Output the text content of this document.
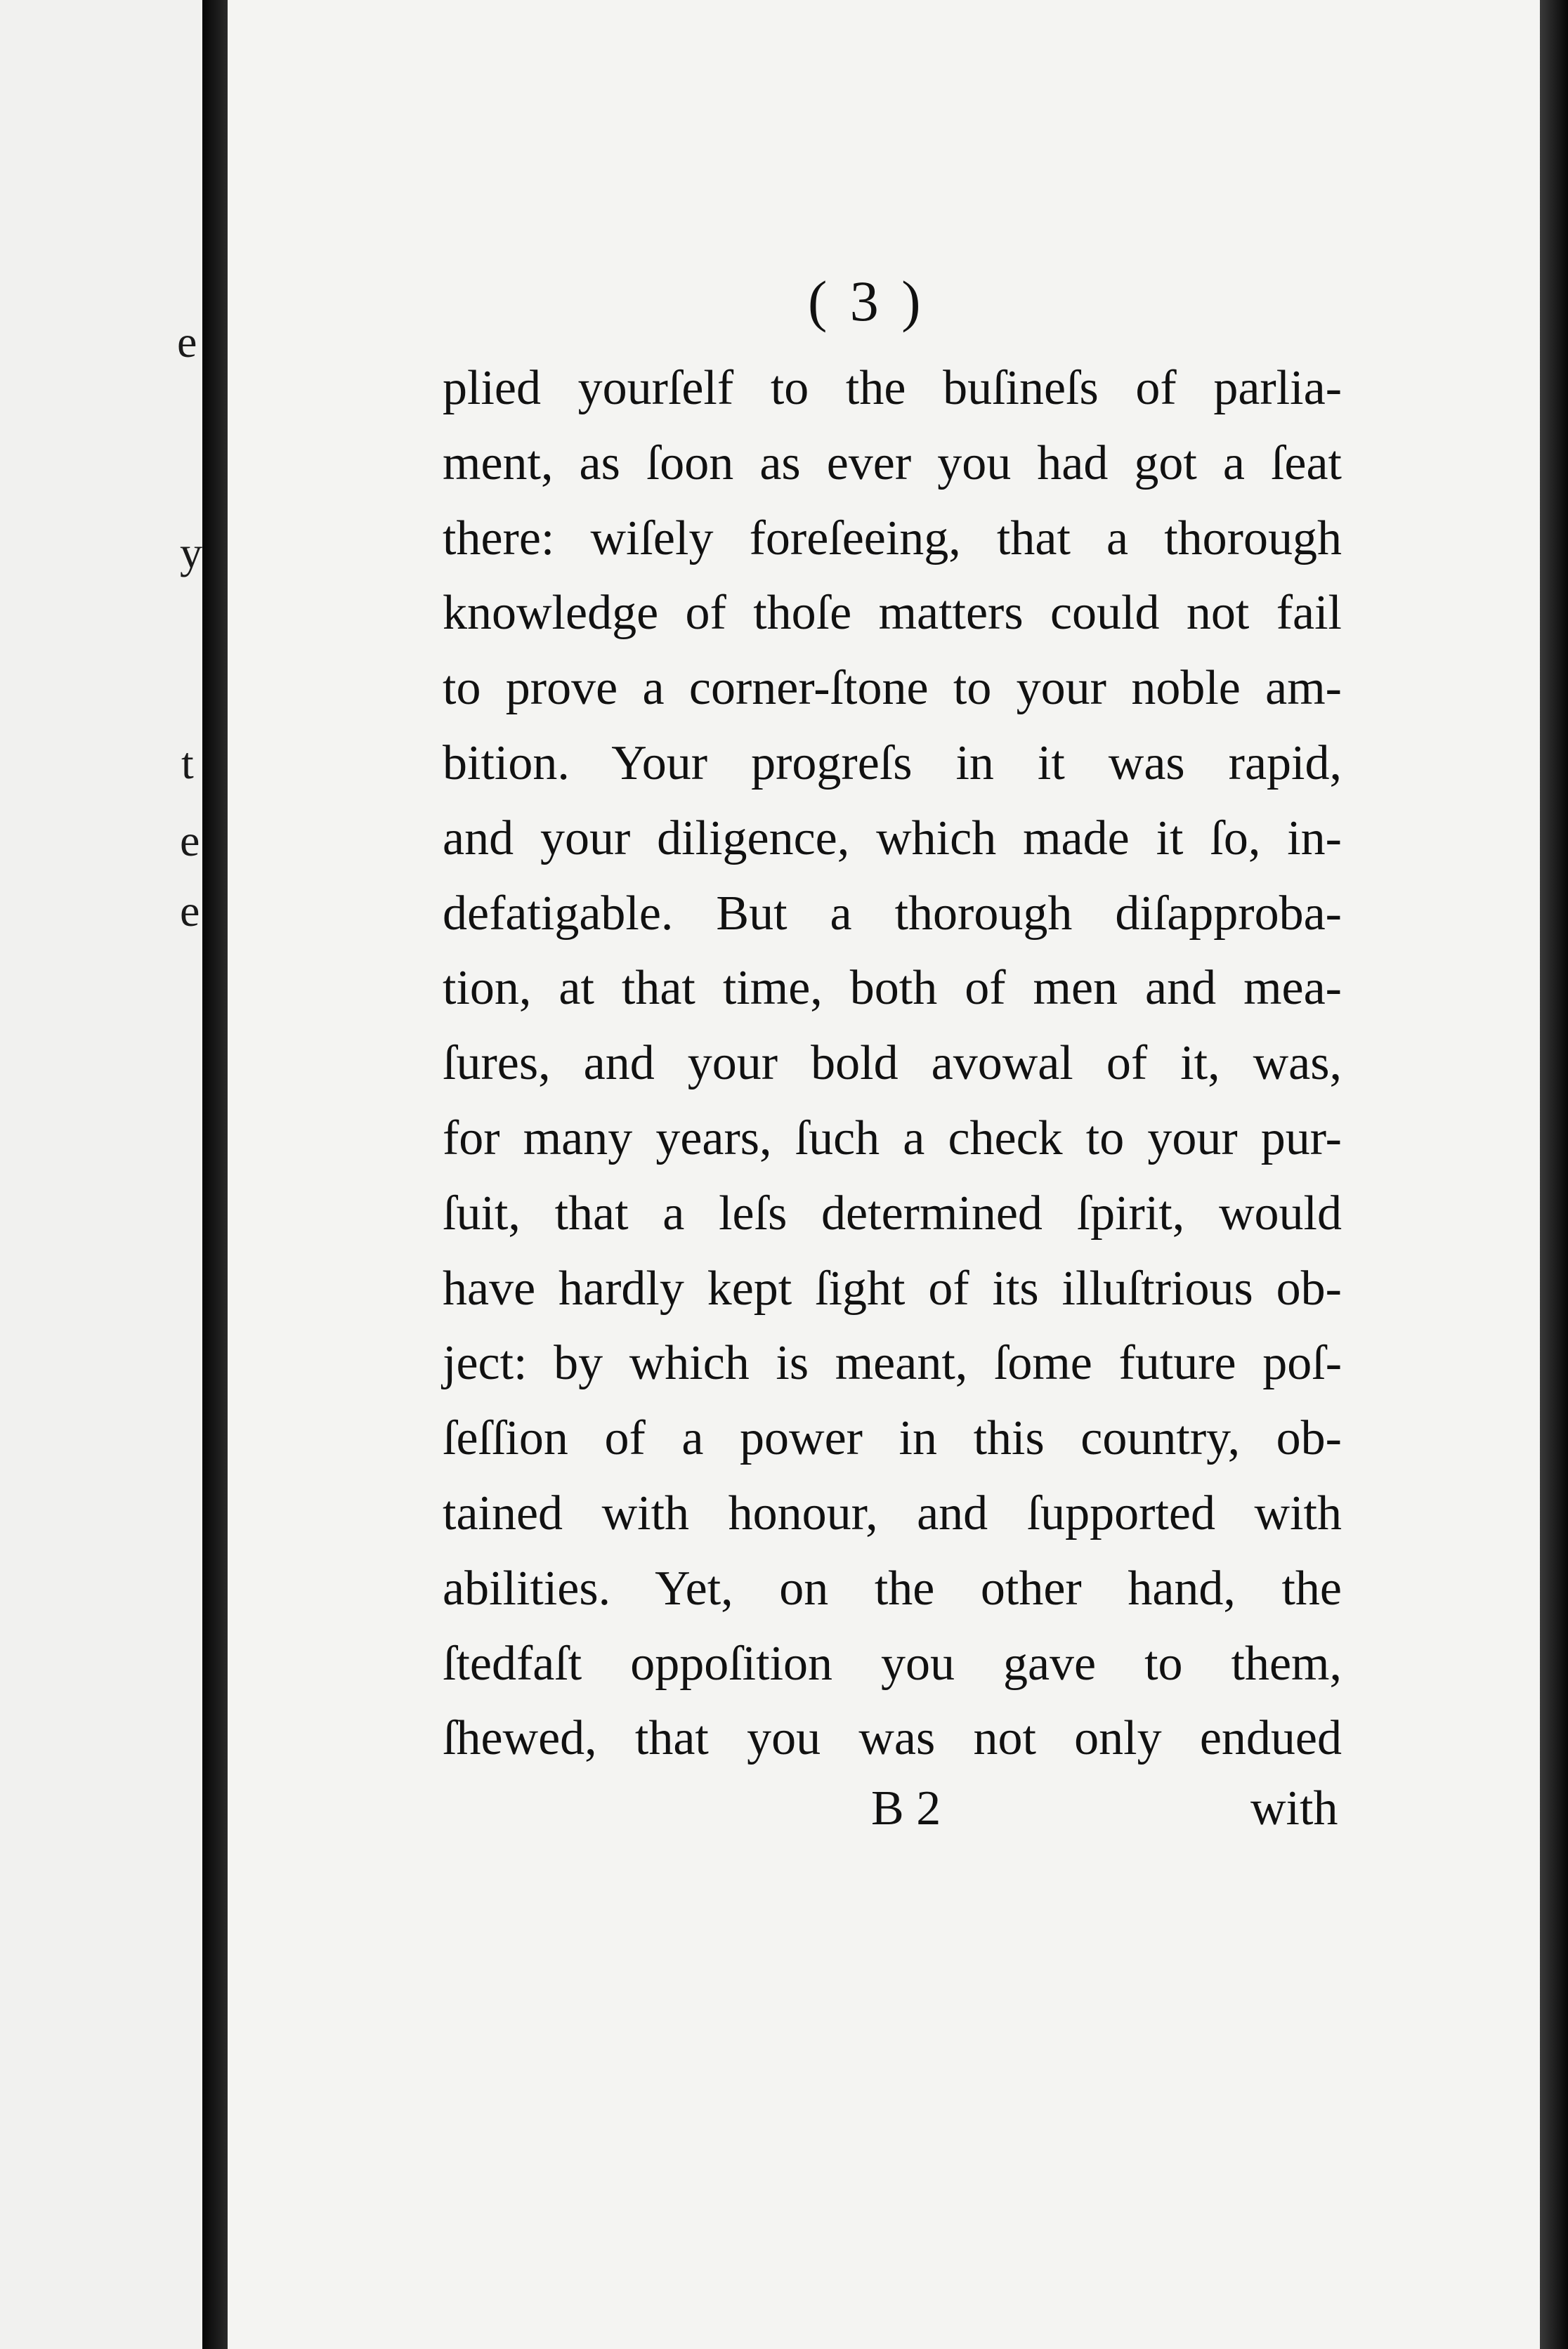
e
y
t
e
e
( 3 )
plied yourſelf to the buſineſs of parlia-
ment, as ſoon as ever you had got a ſeat
there: wiſely foreſeeing, that a thorough
knowledge of thoſe matters could not fail
to prove a corner-ſtone to your noble am-
bition. Your progreſs in it was rapid,
and your diligence, which made it ſo, in-
defatigable. But a thorough diſapproba-
tion, at that time, both of men and mea-
ſures, and your bold avowal of it, was,
for many years, ſuch a check to your pur-
ſuit, that a leſs determined ſpirit, would
have hardly kept ſight of its illuſtrious ob-
ject: by which is meant, ſome future poſ-
ſeſſion of a power in this country, ob-
tained with honour, and ſupported with
abilities. Yet, on the other hand, the
ſtedfaſt oppoſition you gave to them,
ſhewed, that you was not only endued
B 2	with
